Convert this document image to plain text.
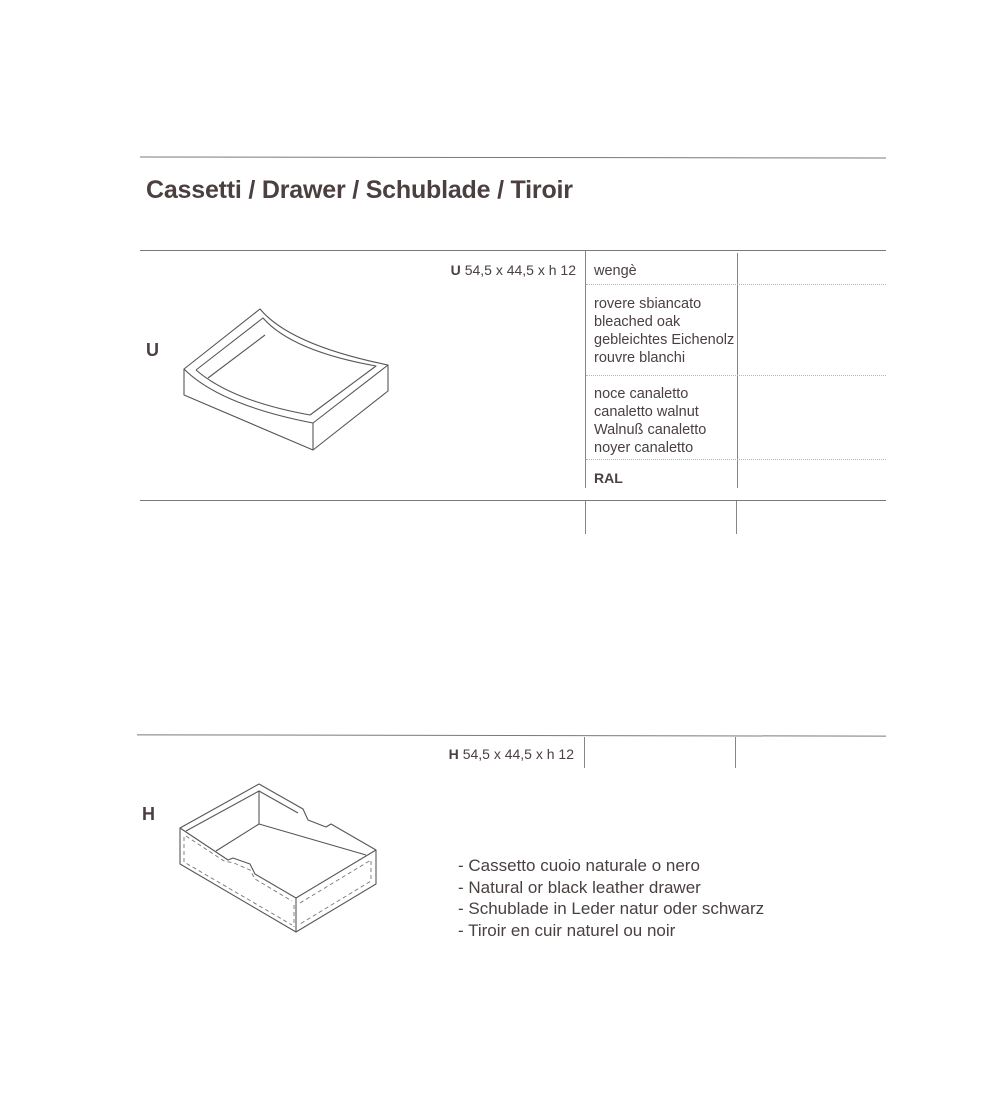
Cassetti / Drawer / Schublade / Tiroir
U
U 54,5 x 44,5 x h 12 wengè
rovere sbiancato
bleached oak
gebleichtes Eichenolz
rouvre blanchi
noce canaletto
canaletto walnut
Walnuß canaletto
noyer canaletto
RAL
H 54,5 x 44,5 x h 12
H
- Cassetto cuoio naturale o nero
- Natural or black leather drawer
- Schublade in Leder natur oder schwarz
- Tiroir en cuir naturel ou noir
